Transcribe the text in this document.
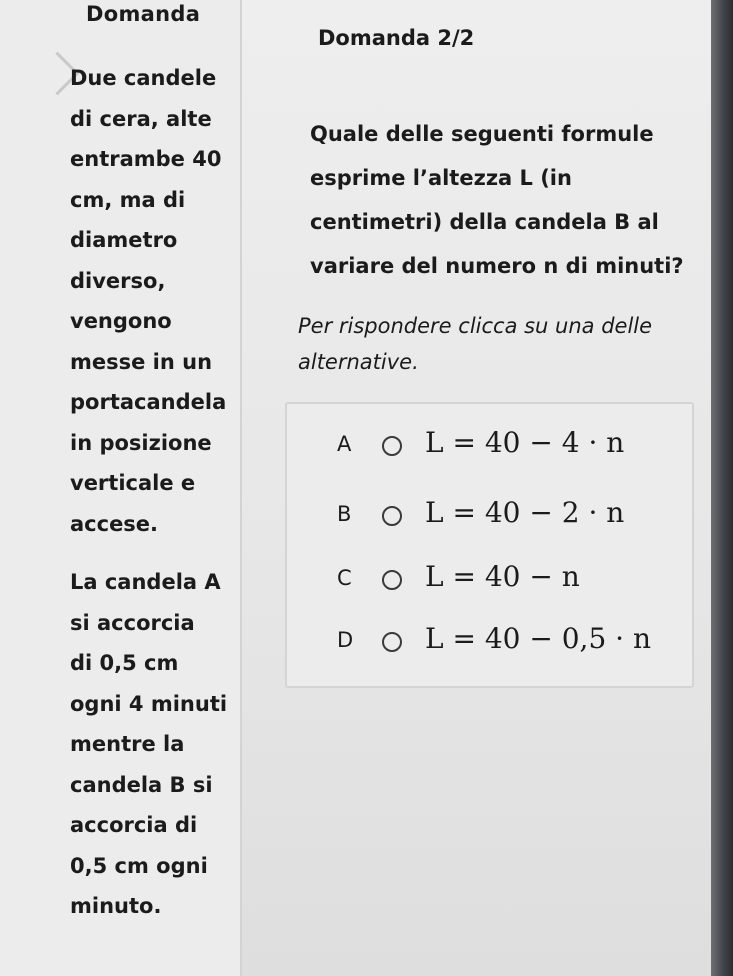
Domanda
Due candele
di cera, alte
entrambe 40
cm, ma di
diametro
diverso,
vengono
messe in un
portacandela
in posizione
verticale e
accese.
La candela A
si accorcia
di 0,5 cm
ogni 4 minuti
mentre la
candela B si
accorcia di
0,5 cm ogni
minuto.
Domanda 2/2
Quale delle seguenti formule
esprime l’altezza L (in
centimetri) della candela B al
variare del numero n di minuti?
Per rispondere clicca su una delle
alternative.
A	L = 40 − 4 · n
B	L = 40 − 2 · n
C	L = 40 − n
D	L = 40 − 0,5 · n
